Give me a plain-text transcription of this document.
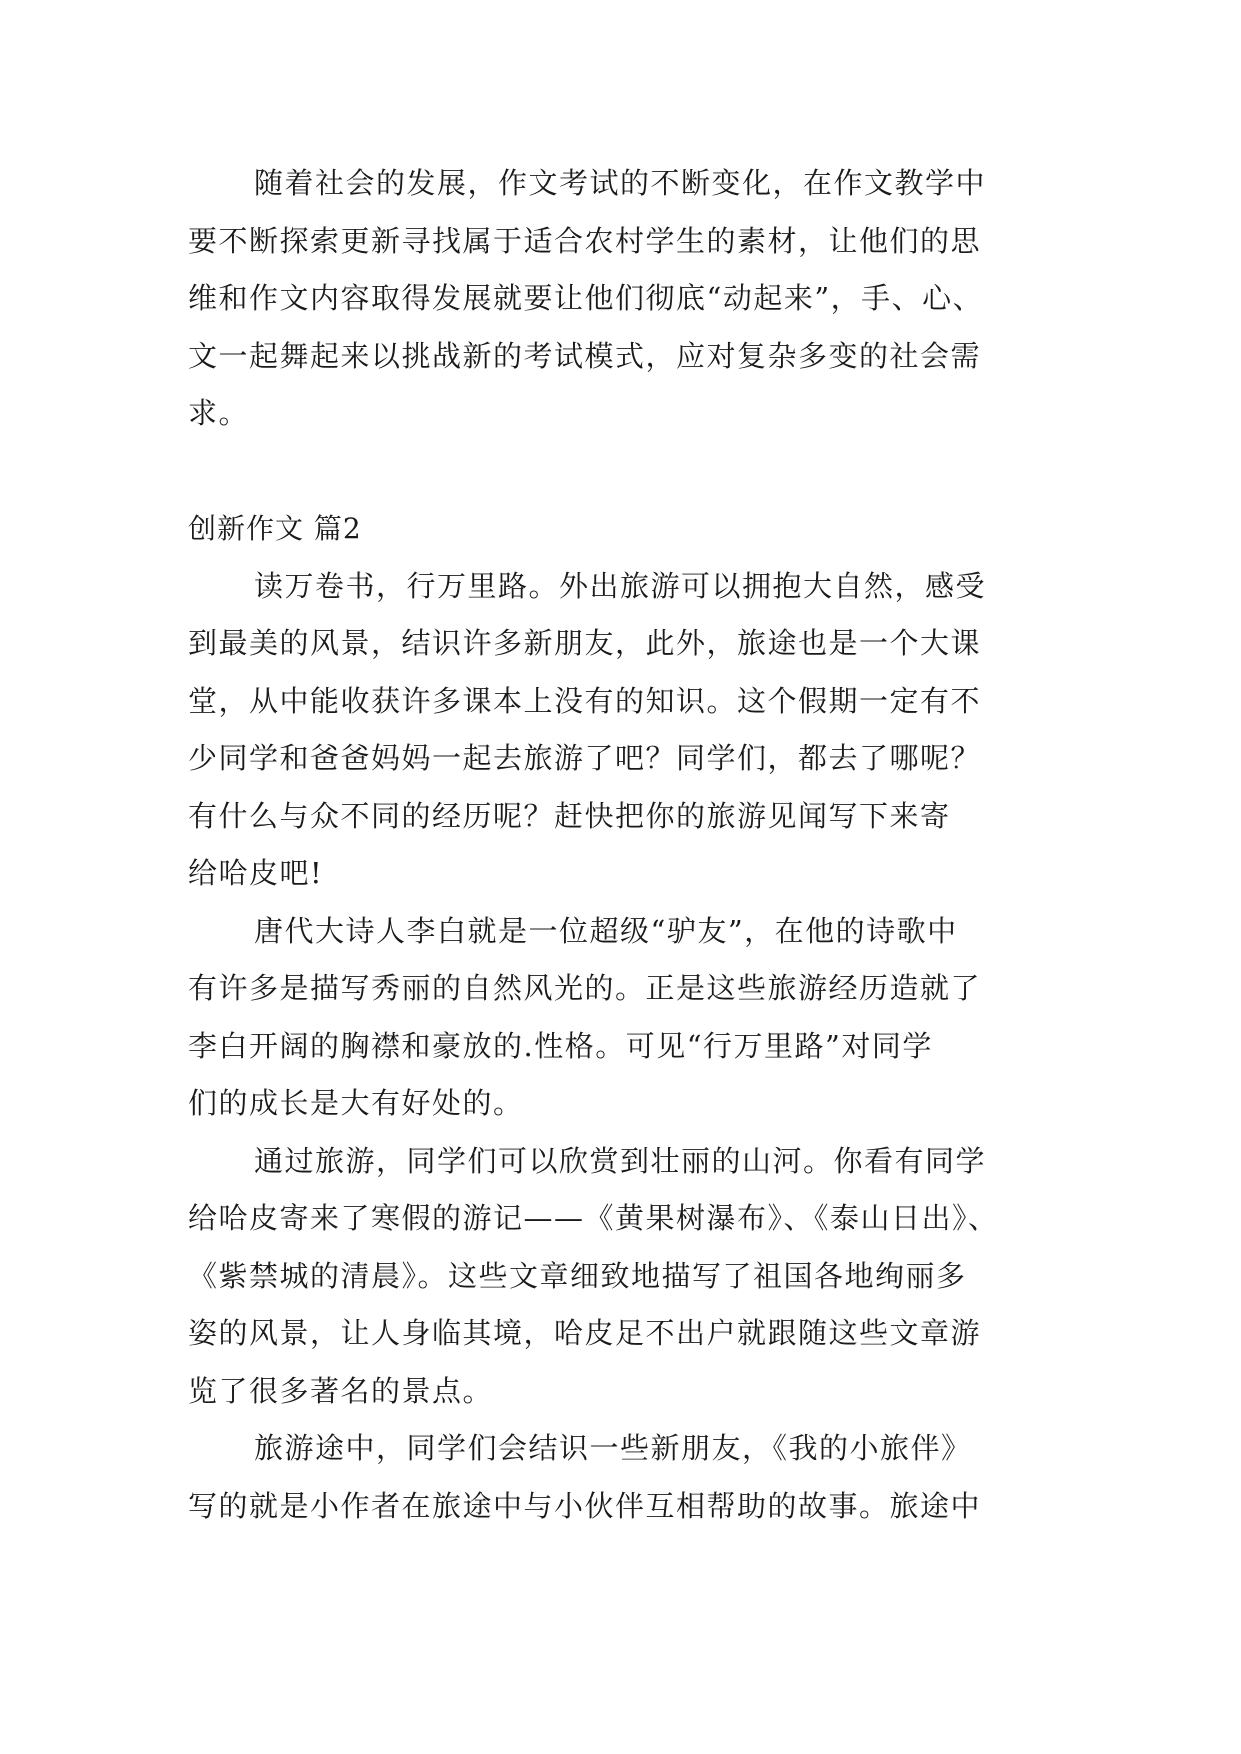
随着社会的发展，作文考试的不断变化，在作文教学中
要不断探索更新寻找属于适合农村学生的素材，让他们的思
维和作文内容取得发展就要让他们彻底“动起来”，手、心、
文一起舞起来以挑战新的考试模式，应对复杂多变的社会需
求。
创新作文 篇2
读万卷书，行万里路。外出旅游可以拥抱大自然，感受
到最美的风景，结识许多新朋友，此外，旅途也是一个大课
堂，从中能收获许多课本上没有的知识。这个假期一定有不
少同学和爸爸妈妈一起去旅游了吧？同学们，都去了哪呢？
有什么与众不同的经历呢？赶快把你的旅游见闻写下来寄
给哈皮吧!
唐代大诗人李白就是一位超级“驴友”，在他的诗歌中
有许多是描写秀丽的自然风光的。正是这些旅游经历造就了
李白开阔的胸襟和豪放的.性格。可见“行万里路”对同学
们的成长是大有好处的。
通过旅游，同学们可以欣赏到壮丽的山河。你看有同学
给哈皮寄来了寒假的游记——《黄果树瀑布》、《泰山日出》、
《紫禁城的清晨》。这些文章细致地描写了祖国各地绚丽多
姿的风景，让人身临其境，哈皮足不出户就跟随这些文章游
览了很多著名的景点。
旅游途中，同学们会结识一些新朋友，《我的小旅伴》
写的就是小作者在旅途中与小伙伴互相帮助的故事。旅途中
